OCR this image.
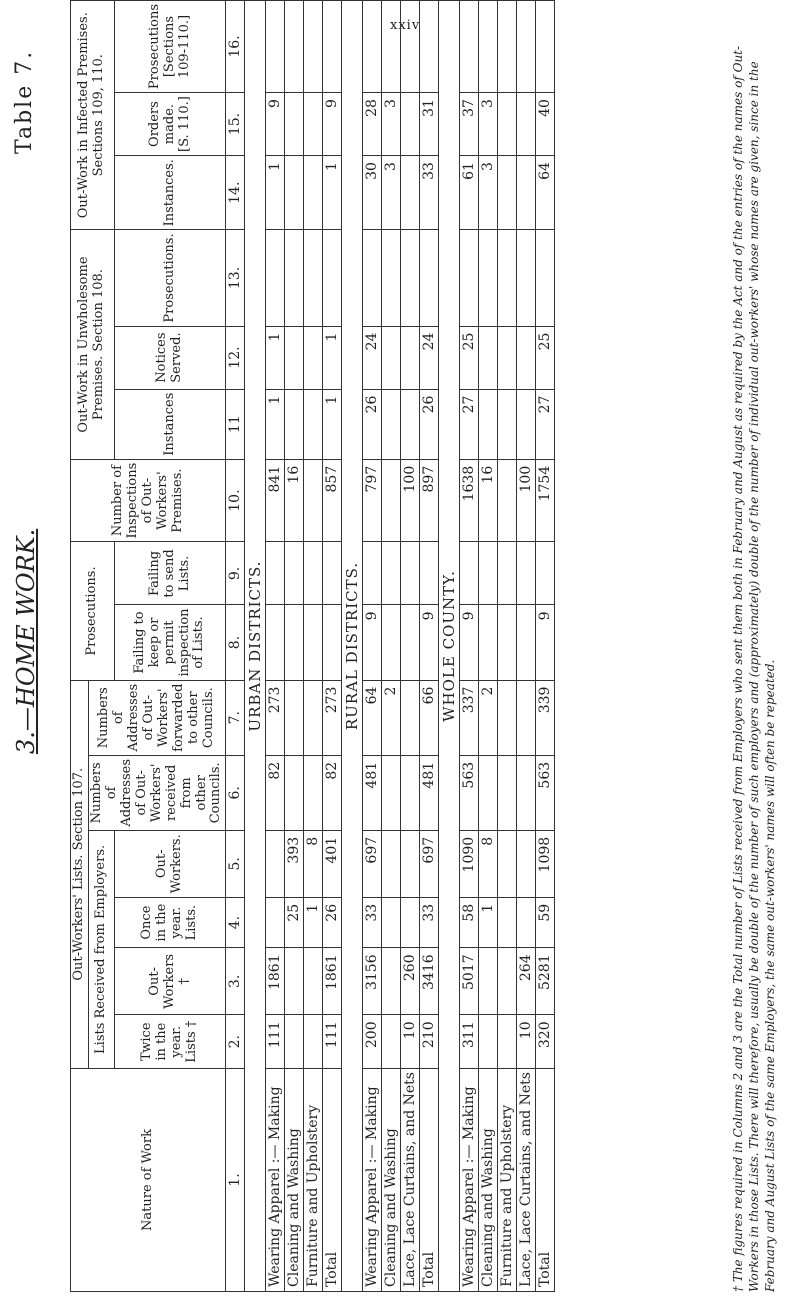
xxiv
Table 7.
3.—HOME WORK.
Nature of Work	Out-Workers' Lists. Section 107.						Prosecutions.		Number of Inspections of Out-Workers' Premises.	Out-Work in Unwholesome Premises. Section 108.			Out-Work in Infected Premises. Sections 109, 110.		
	Lists Received from Employers.				Numbers of Addresses of Out-Workers' received from other Councils.	Numbers of Addresses of Out-Workers' forwarded to other Councils.									

	Twice in the year. Lists †	Out-Workers †	Once in the year. Lists.	Out-Workers.			Failing to keep or permit inspection of Lists.	Failing to send Lists.		Instances	Notices Served.	Prosecutions.	Instances.	Orders made. [S. 110.]	Prosecutions [Sections 109-110.]
1.	2.	3.	4.	5.	6.	7.	8.	9.	10.	11	12.	13.	14.	15.	16.
URBAN DISTRICTS.															
Wearing Apparel :— Making	111	1861			82	273			841	1	1		1	9	
Cleaning and Washing			25	393					16						
Furniture and Upholstery			1	8											
Total	111	1861	26	401	82	273			857	1	1		1	9	
RURAL DISTRICTS.															
Wearing Apparel :— Making	200	3156	33	697	481	64	9		797	26	24		30	28	
Cleaning and Washing						2							3	3	
Lace, Lace Curtains, and Nets	10	260							100						
Total	210	3416	33	697	481	66	9		897	26	24		33	31	
WHOLE COUNTY.															
Wearing Apparel :— Making	311	5017	58	1090	563	337	9		1638	27	25		61	37	
Cleaning and Washing			1	8		2			16				3	3	
Furniture and Upholstery															
Lace, Lace Curtains, and Nets	10	264							100						
Total	320	5281	59	1098	563	339	9		1754	27	25		64	40		† The figures required in Columns 2 and 3 are the Total number of Lists received from Employers who sent them both in February and August as required by the Act and of the entries of the names of Out-Workers in those Lists. There will therefore, usually be double of the number of such employers and (approximately) double of the number of individual out-workers' whose names are given, since in the February and August Lists of the same Employers, the same out-workers' names will often be repeated.
